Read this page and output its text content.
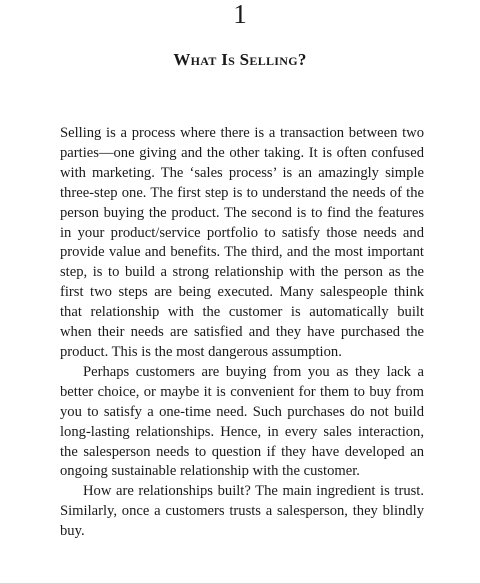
1
What Is Selling?

Selling is a process where there is a transaction between two parties—one giving and the other taking. It is often confused with marketing. The ‘sales process’ is an amazingly simple three-step one. The first step is to understand the needs of the person buying the product. The second is to find the features in your product/service portfolio to satisfy those needs and provide value and benefits. The third, and the most important step, is to build a strong relationship with the person as the first two steps are being executed. Many salespeople think that relationship with the customer is automatically built when their needs are satisfied and they have purchased the product. This is the most dangerous assumption.

Perhaps customers are buying from you as they lack a better choice, or maybe it is convenient for them to buy from you to satisfy a one-time need. Such purchases do not build long-lasting relationships. Hence, in every sales interaction, the salesperson needs to question if they have developed an ongoing sustainable relationship with the customer.

How are relationships built? The main ingredient is trust. Similarly, once a customers trusts a salesperson, they blindly buy.
